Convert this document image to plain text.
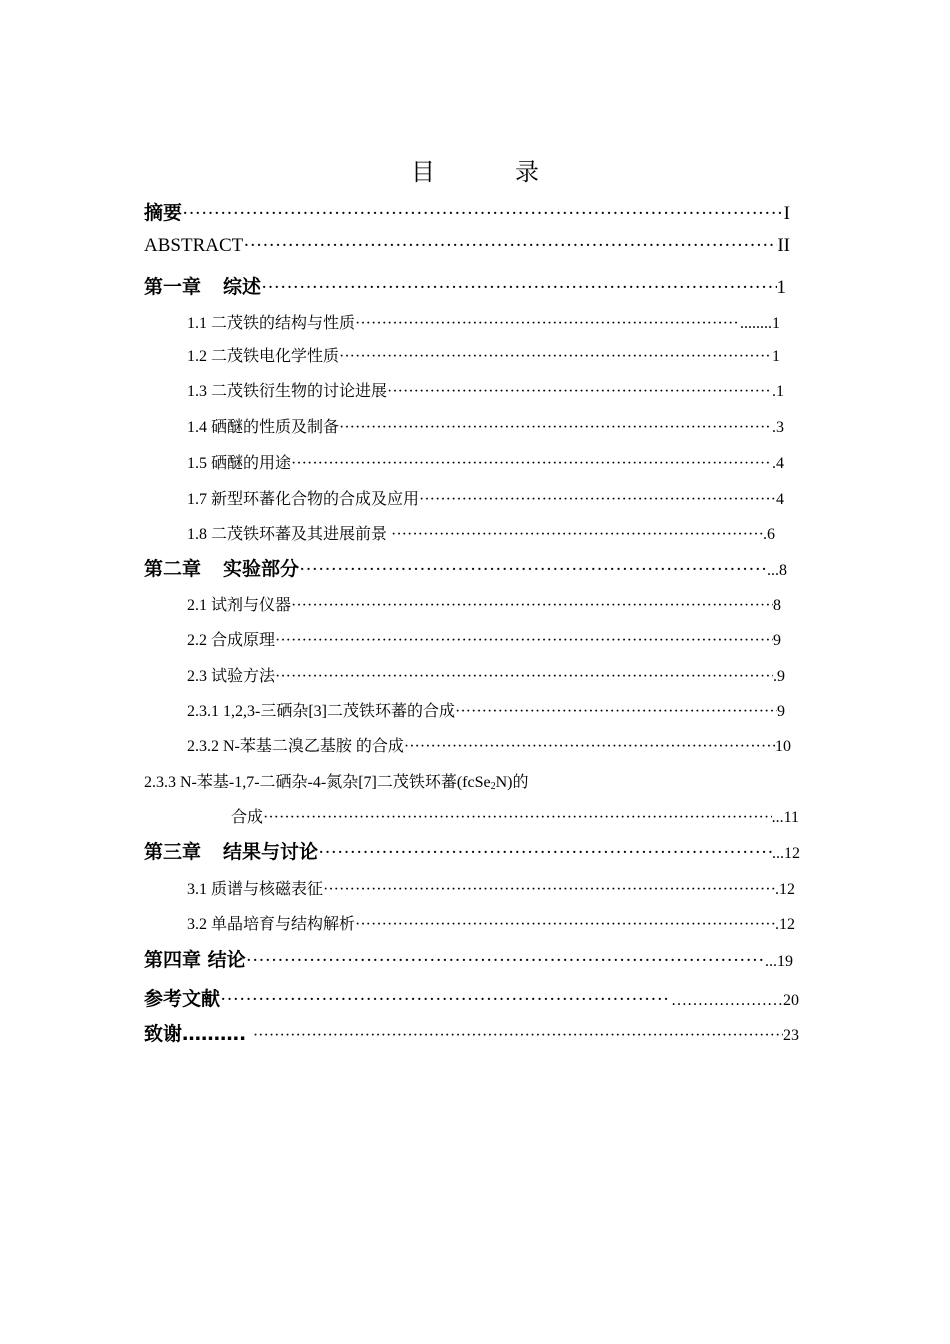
目　录
摘要 ·····	I
ABSTRACT ·····	II
第一章 综述 ·····	1
1.1 二茂铁的结构与性质 ·····	........1
1.2 二茂铁电化学性质 ·····	1
1.3 二茂铁衍生物的讨论进展 ·····	.1
1.4 硒醚的性质及制备 ·····	.3
1.5 硒醚的用途 ·····	.4
1.7 新型环蕃化合物的合成及应用 ·····	4
1.8 二茂铁环蕃及其进展前景 ·····	.6
第二章 实验部分 ·····	...8
2.1 试剂与仪器 ·····	8
2.2 合成原理 ·····	9
2.3 试验方法 ·····	.9
2.3.1 1,2,3-三硒杂[3]二茂铁环蕃的合成 ·····	9
2.3.2 N-苯基二溴乙基胺 的合成 ·····	10
2.3.3 N-苯基-1,7-二硒杂-4-氮杂[7]二茂铁环蕃(fcSe$_2$N)的
合成 ·····	...11
第三章 结果与讨论 ·····	...12
3.1 质谱与核磁表征 ·····	.12
3.2 单晶培育与结构解析 ·····	.12
第四章 结论 ·····	...19
参考文献 ·····	…………………20
致谢………. ·····	23
